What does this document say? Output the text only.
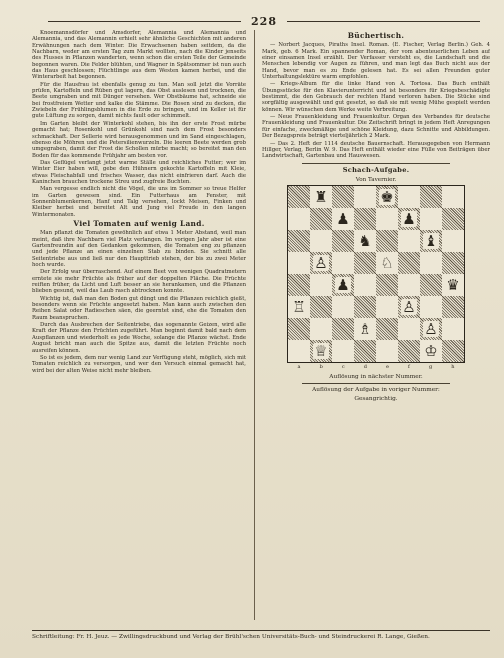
228

Knoemannsdörfer und Amsdorfer, Alemannia und Alemannia und Alemannia, und das Alemannin erhielt sehr ähnliche Geschichten mit anderen Erwähnungen nach dem Winter. Die Erwachsenen haben seitdem, da die Nachbarn, weder am ersten Tag zum Markt wollten, nach die Kinder jenseits des Flusses in Pflanzen wanderten, wenn schon die ersten Teile der Gemeinde begonnen waren. Die Felder blühten, und Wagner in Spätsommer ist nun auch das Haus geschlossen; Flüchtlinge aus dem Westen kamen herbei, und die Winterarbeit hat begonnen.

Für die Hausfrau ist ebenfalls genug zu tun. Man soll jetzt die Vorräte prüfen, Kartoffeln und Rüben gut lagern, das Obst auslesen und trocknen, die Beete umgraben und mit Dünger versehen. Wer Obstbäume hat, schneide sie bei frostfreiem Wetter und kalke die Stämme. Die Rosen sind zu decken, die Zwiebeln der Frühlingsblumen in die Erde zu bringen, und im Keller ist für gute Lüftung zu sorgen, damit nichts fault oder schimmelt.

Im Garten bleibt der Winterkohl stehen, bis ihn der erste Frost mürbe gemacht hat; Rosenkohl und Grünkohl sind nach dem Frost besonders schmackhaft. Der Sellerie wird herausgenommen und im Sand eingeschlagen, ebenso die Möhren und die Petersilienwurzeln. Die leeren Beete werden grob umgegraben, damit der Frost die Schollen mürbe macht; so bereitet man den Boden für das kommende Frühjahr am besten vor.

Das Geflügel verlangt jetzt warme Ställe und reichliches Futter; wer im Winter Eier haben will, gebe den Hühnern gekochte Kartoffeln mit Kleie, etwas Fleischabfall und frisches Wasser, das nicht einfrieren darf. Auch die Kaninchen brauchen trockene Streu und zugfreie Buchten.

Man vergesse endlich nicht die Vögel, die uns im Sommer so treue Helfer im Garten gewesen sind. Ein Futterhaus am Fenster, mit Sonnenblumenkernen, Hanf und Talg versehen, lockt Meisen, Finken und Kleiber herbei und bereitet Alt und Jung viel Freude in den langen Wintermonaten.

Viel Tomaten auf wenig Land.

Man pflanzt die Tomaten gewöhnlich auf etwa 1 Meter Abstand, weil man meint, daß ihre Nachbarn viel Platz verlangen. Im vorigen Jahr aber ist eine Gartenfreundin auf den Gedanken gekommen, die Tomaten eng zu pflanzen und jede Pflanze an einen einzelnen Stab zu binden. Sie schnitt alle Seitentriebe aus und ließ nur den Haupttrieb stehen, der bis zu zwei Meter hoch wurde.

Der Erfolg war überraschend. Auf einem Beet von wenigen Quadratmetern erntete sie mehr Früchte als früher auf der doppelten Fläche. Die Früchte reiften früher, da Licht und Luft besser an sie herankamen, und die Pflanzen blieben gesund, weil das Laub rasch abtrocknen konnte.

Wichtig ist, daß man den Boden gut düngt und die Pflanzen reichlich gießt, besonders wenn sie Früchte angesetzt haben. Man kann auch zwischen den Reihen Salat oder Radieschen säen, die geerntet sind, ehe die Tomaten den Raum beanspruchen.

Durch das Ausbrechen der Seitentriebe, das sogenannte Geizen, wird alle Kraft der Pflanze den Früchten zugeführt. Man beginnt damit bald nach dem Auspflanzen und wiederholt es jede Woche, solange die Pflanze wächst. Ende August bricht man auch die Spitze aus, damit die letzten Früchte noch ausreifen können.

So ist es jedem, dem nur wenig Land zur Verfügung steht, möglich, sich mit Tomaten reichlich zu versorgen, und wer den Versuch einmal gemacht hat, wird bei der alten Weise nicht mehr bleiben.

Büchertisch.

— Norbert Jacques, Piraths Insel. Roman. (E. Fischer, Verlag Berlin.) Geh. 4 Mark, geb. 6 Mark. Ein spannender Roman, der vom abenteuerlichen Leben auf einer einsamen Insel erzählt. Der Verfasser versteht es, die Landschaft und die Menschen lebendig vor Augen zu führen, und man legt das Buch nicht aus der Hand, bevor man es zu Ende gelesen hat. Es sei allen Freunden guter Unterhaltungslektüre warm empfohlen.

— Kriegs-Album für die linke Hand von A. Tortosa. Das Buch enthält Übungsstücke für den Klavierunterricht und ist besonders für Kriegsbeschädigte bestimmt, die den Gebrauch der rechten Hand verloren haben. Die Stücke sind sorgfältig ausgewählt und gut gesetzt, so daß sie mit wenig Mühe gespielt werden können. Wir wünschen dem Werke weite Verbreitung.

— Neue Frauenkleidung und Frauenkultur. Organ des Verbandes für deutsche Frauenkleidung und Frauenkultur. Die Zeitschrift bringt in jedem Heft Anregungen für einfache, zweckmäßige und schöne Kleidung, dazu Schnitte und Abbildungen. Der Bezugspreis beträgt vierteljährlich 2 Mark.

— Das 2. Heft der 1114 deutsche Bauernschaft. Herausgegeben von Hermann Hillger, Verlag, Berlin W. 9. Das Heft enthält wieder eine Fülle von Beiträgen über Landwirtschaft, Gartenbau und Hauswesen.

Schach-Aufgabe.
Von Tavernier.
♜	♚
♟	♟
♞	♝
♙	♘
♟	♛
♖	♙
♗	♙
♕	♔
a	b	c	d	e	f	g	h
Auflösung in nächster Nummer.
Auflösung der Aufgabe in voriger Nummer:
Gesangrichtig.
Schriftleitung: Fr. H. Jeuz. — Zwillingsdruckbund und Verlag der Brühl'schen Universitäts-Buch- und Steindruckerei R. Lange, Gießen.
